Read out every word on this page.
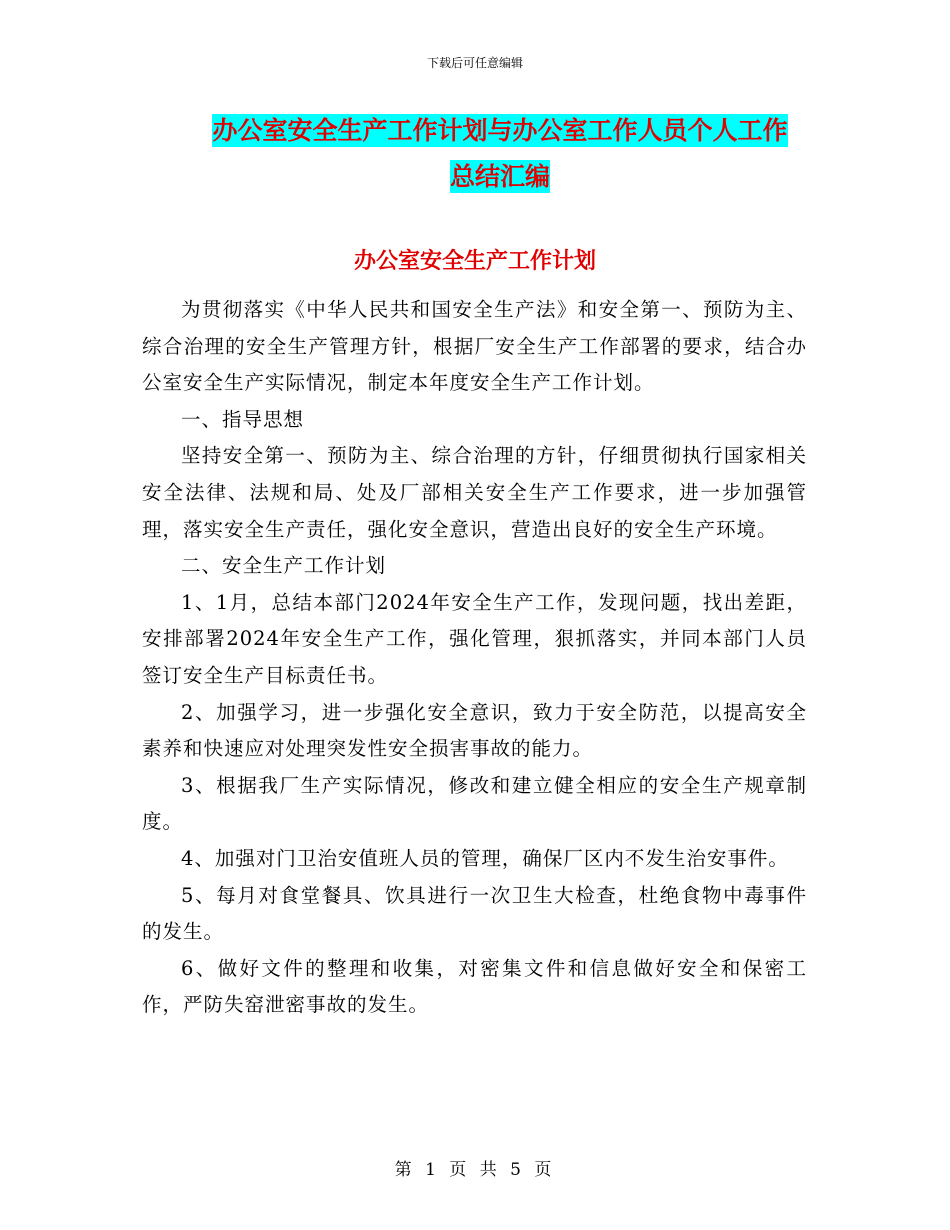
下载后可任意编辑
办公室安全生产工作计划与办公室工作人员个人工作
总结汇编
办公室安全生产工作计划

为贯彻落实《中华人民共和国安全生产法》和安全第一、预防为主、综合治理的安全生产管理方针，根据厂安全生产工作部署的要求，结合办公室安全生产实际情况，制定本年度安全生产工作计划。

一、指导思想

坚持安全第一、预防为主、综合治理的方针，仔细贯彻执行国家相关安全法律、法规和局、处及厂部相关安全生产工作要求，进一步加强管理，落实安全生产责任，强化安全意识，营造出良好的安全生产环境。

二、安全生产工作计划

1、1月，总结本部门2024年安全生产工作，发现问题，找出差距，安排部署2024年安全生产工作，强化管理，狠抓落实，并同本部门人员签订安全生产目标责任书。

2、加强学习，进一步强化安全意识，致力于安全防范，以提高安全素养和快速应对处理突发性安全损害事故的能力。

3、根据我厂生产实际情况，修改和建立健全相应的安全生产规章制度。

4、加强对门卫治安值班人员的管理，确保厂区内不发生治安事件。

5、每月对食堂餐具、饮具进行一次卫生大检查，杜绝食物中毒事件的发生。

6、做好文件的整理和收集，对密集文件和信息做好安全和保密工作，严防失窑泄密事故的发生。

第 1 页 共 5 页
